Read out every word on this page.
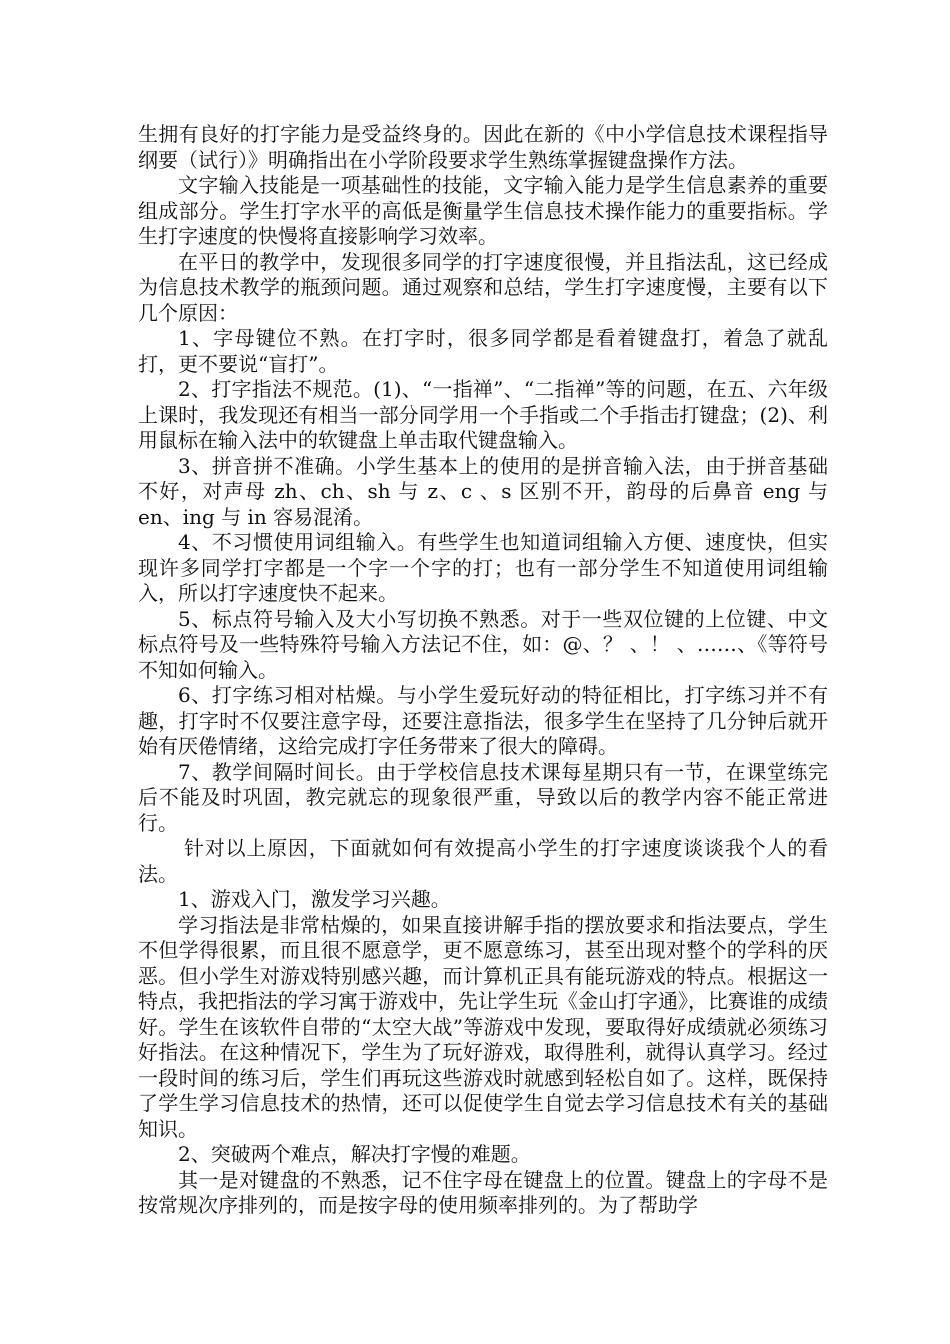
生拥有良好的打字能力是受益终身的。因此在新的《中小学信息技术课程指导纲要（试行）》明确指出在小学阶段要求学生熟练掌握键盘操作方法。

文字输入技能是一项基础性的技能，文字输入能力是学生信息素养的重要组成部分。学生打字水平的高低是衡量学生信息技术操作能力的重要指标。学生打字速度的快慢将直接影响学习效率。

在平日的教学中，发现很多同学的打字速度很慢，并且指法乱，这已经成为信息技术教学的瓶颈问题。通过观察和总结，学生打字速度慢，主要有以下几个原因：

1、字母键位不熟。在打字时，很多同学都是看着键盘打，着急了就乱打，更不要说“盲打”。

2、打字指法不规范。(1)、“一指禅”、“二指禅”等的问题，在五、六年级上课时，我发现还有相当一部分同学用一个手指或二个手指击打键盘；(2)、利用鼠标在输入法中的软键盘上单击取代键盘输入。

3、拼音拼不准确。小学生基本上的使用的是拼音输入法，由于拼音基础不好，对声母 zh、ch、sh 与 z、c 、s 区别不开，韵母的后鼻音 eng 与 en、ing 与 in 容易混淆。

4、不习惯使用词组输入。有些学生也知道词组输入方便、速度快，但实现许多同学打字都是一个字一个字的打；也有一部分学生不知道使用词组输入，所以打字速度快不起来。

5、标点符号输入及大小写切换不熟悉。对于一些双位键的上位键、中文标点符号及一些特殊符号输入方法记不住，如：@、？ 、！ 、……、《等符号不知如何输入。

6、打字练习相对枯燥。与小学生爱玩好动的特征相比，打字练习并不有趣，打字时不仅要注意字母，还要注意指法，很多学生在坚持了几分钟后就开始有厌倦情绪，这给完成打字任务带来了很大的障碍。

7、教学间隔时间长。由于学校信息技术课每星期只有一节，在课堂练完后不能及时巩固，教完就忘的现象很严重，导致以后的教学内容不能正常进行。

针对以上原因，下面就如何有效提高小学生的打字速度谈谈我个人的看法。

1、游戏入门，激发学习兴趣。

学习指法是非常枯燥的，如果直接讲解手指的摆放要求和指法要点，学生不但学得很累，而且很不愿意学，更不愿意练习，甚至出现对整个的学科的厌恶。但小学生对游戏特别感兴趣，而计算机正具有能玩游戏的特点。根据这一特点，我把指法的学习寓于游戏中，先让学生玩《金山打字通》，比赛谁的成绩好。学生在该软件自带的“太空大战”等游戏中发现，要取得好成绩就必须练习好指法。在这种情况下，学生为了玩好游戏，取得胜利，就得认真学习。经过一段时间的练习后，学生们再玩这些游戏时就感到轻松自如了。这样，既保持了学生学习信息技术的热情，还可以促使学生自觉去学习信息技术有关的基础知识。

2、突破两个难点，解决打字慢的难题。

其一是对键盘的不熟悉，记不住字母在键盘上的位置。键盘上的字母不是按常规次序排列的，而是按字母的使用频率排列的。为了帮助学
